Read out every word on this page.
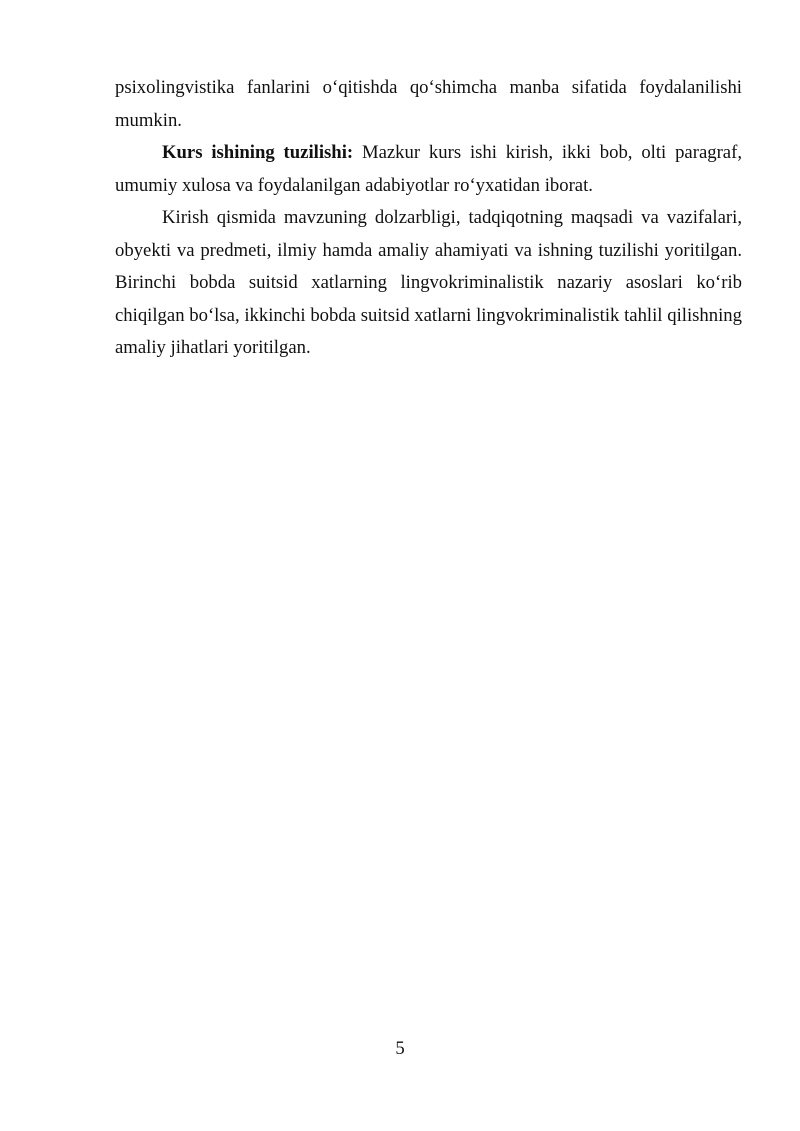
psixolingvistika fanlarini o‘qitishda qo‘shimcha manba sifatida foydalanilishi mumkin.

Kurs ishining tuzilishi: Mazkur kurs ishi kirish, ikki bob, olti paragraf, umumiy xulosa va foydalanilgan adabiyotlar ro‘yxatidan iborat.

Kirish qismida mavzuning dolzarbligi, tadqiqotning maqsadi va vazifalari, obyekti va predmeti, ilmiy hamda amaliy ahamiyati va ishning tuzilishi yoritilgan. Birinchi bobda suitsid xatlarning lingvokriminalistik nazariy asoslari ko‘rib chiqilgan bo‘lsa, ikkinchi bobda suitsid xatlarni lingvokriminalistik tahlil qilishning amaliy jihatlari yoritilgan.

5
